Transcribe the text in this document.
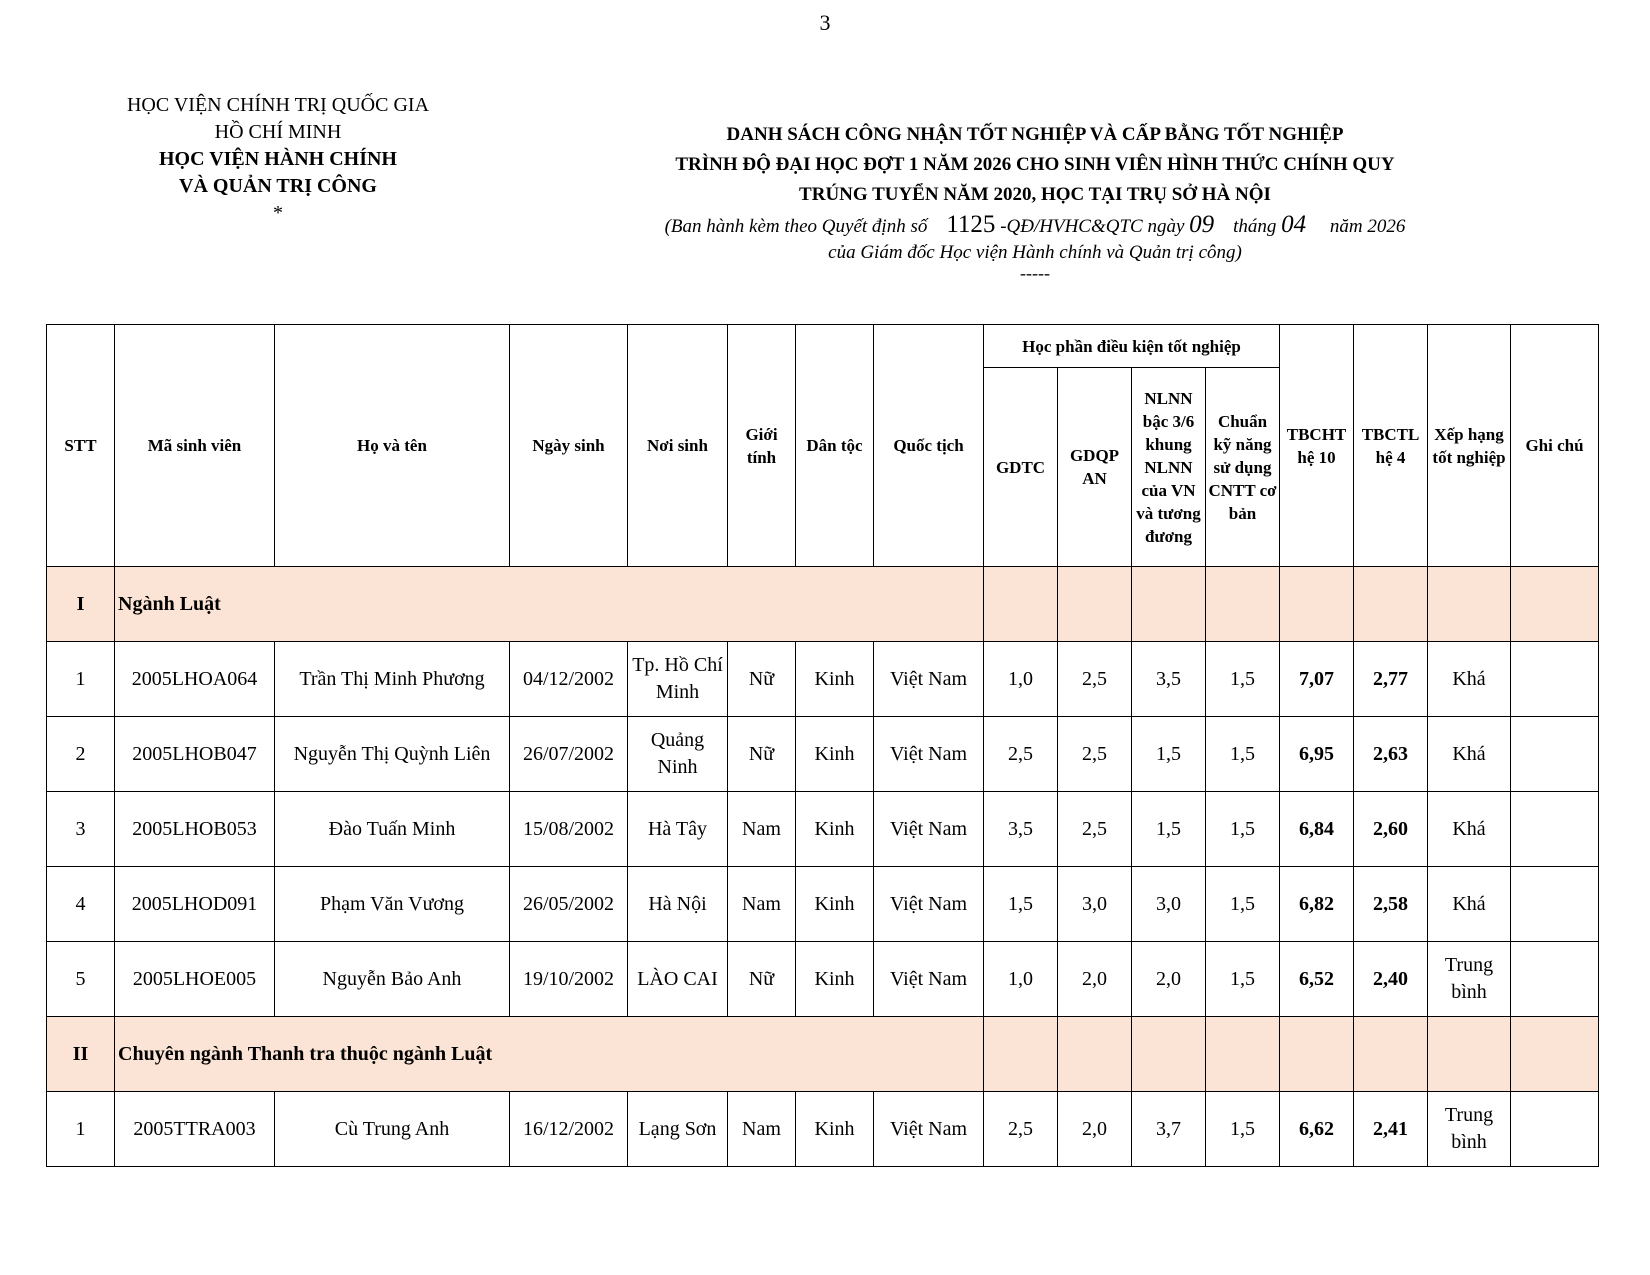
3
HỌC VIỆN CHÍNH TRỊ QUỐC GIA
HỒ CHÍ MINH
HỌC VIỆN HÀNH CHÍNH
VÀ QUẢN TRỊ CÔNG
*
DANH SÁCH CÔNG NHẬN TỐT NGHIỆP VÀ CẤP BẰNG TỐT NGHIỆP
TRÌNH ĐỘ ĐẠI HỌC ĐỢT 1 NĂM 2026 CHO SINH VIÊN HÌNH THỨC CHÍNH QUY
TRÚNG TUYỂN NĂM 2020, HỌC TẠI TRỤ SỞ HÀ NỘI
(Ban hành kèm theo Quyết định số 1125 -QĐ/HVHC&QTC ngày 09 tháng 04 năm 2026
của Giám đốc Học viện Hành chính và Quản trị công)
-----
STT	Mã sinh viên	Họ và tên	Ngày sinh	Nơi sinh	Giới tính	Dân tộc	Quốc tịch	Học phần điều kiện tốt nghiệp				TBCHT hệ 10	TBCTL hệ 4	Xếp hạng tốt nghiệp	Ghi chú
								GDTC	GDQP AN	NLNN bậc 3/6 khung NLNN của VN và tương đương	Chuẩn kỹ năng sử dụng CNTT cơ bản				
I	Ngành Luật														
1	2005LHOA064	Trần Thị Minh Phương	04/12/2002	Tp. Hồ Chí Minh	Nữ	Kinh	Việt Nam	1,0	2,5	3,5	1,5	7,07	2,77	Khá	
2	2005LHOB047	Nguyễn Thị Quỳnh Liên	26/07/2002	Quảng Ninh	Nữ	Kinh	Việt Nam	2,5	2,5	1,5	1,5	6,95	2,63	Khá	
3	2005LHOB053	Đào Tuấn Minh	15/08/2002	Hà Tây	Nam	Kinh	Việt Nam	3,5	2,5	1,5	1,5	6,84	2,60	Khá	
4	2005LHOD091	Phạm Văn Vương	26/05/2002	Hà Nội	Nam	Kinh	Việt Nam	1,5	3,0	3,0	1,5	6,82	2,58	Khá	
5	2005LHOE005	Nguyễn Bảo Anh	19/10/2002	LÀO CAI	Nữ	Kinh	Việt Nam	1,0	2,0	2,0	1,5	6,52	2,40	Trung bình	
II	Chuyên ngành Thanh tra thuộc ngành Luật														
1	2005TTRA003	Cù Trung Anh	16/12/2002	Lạng Sơn	Nam	Kinh	Việt Nam	2,5	2,0	3,7	1,5	6,62	2,41	Trung bình	
